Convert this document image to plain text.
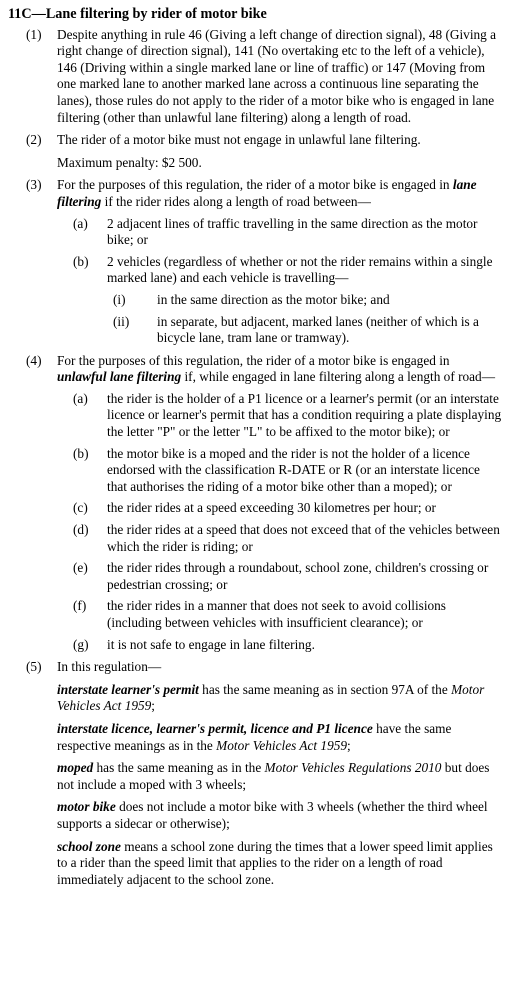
11C—Lane filtering by rider of motor bike
(1) Despite anything in rule 46 (Giving a left change of direction signal), 48 (Giving a right change of direction signal), 141 (No overtaking etc to the left of a vehicle), 146 (Driving within a single marked lane or line of traffic) or 147 (Moving from one marked lane to another marked lane across a continuous line separating the lanes), those rules do not apply to the rider of a motor bike who is engaged in lane filtering (other than unlawful lane filtering) along a length of road.
(2) The rider of a motor bike must not engage in unlawful lane filtering.
Maximum penalty: $2 500.
(3) For the purposes of this regulation, the rider of a motor bike is engaged in lane filtering if the rider rides along a length of road between—
(a) 2 adjacent lines of traffic travelling in the same direction as the motor bike; or
(b) 2 vehicles (regardless of whether or not the rider remains within a single marked lane) and each vehicle is travelling—
(i) in the same direction as the motor bike; and
(ii) in separate, but adjacent, marked lanes (neither of which is a bicycle lane, tram lane or tramway).
(4) For the purposes of this regulation, the rider of a motor bike is engaged in unlawful lane filtering if, while engaged in lane filtering along a length of road—
(a) the rider is the holder of a P1 licence or a learner's permit (or an interstate licence or learner's permit that has a condition requiring a plate displaying the letter "P" or the letter "L" to be affixed to the motor bike); or
(b) the motor bike is a moped and the rider is not the holder of a licence endorsed with the classification R-DATE or R (or an interstate licence that authorises the riding of a motor bike other than a moped); or
(c) the rider rides at a speed exceeding 30 kilometres per hour; or
(d) the rider rides at a speed that does not exceed that of the vehicles between which the rider is riding; or
(e) the rider rides through a roundabout, school zone, children's crossing or pedestrian crossing; or
(f) the rider rides in a manner that does not seek to avoid collisions (including between vehicles with insufficient clearance); or
(g) it is not safe to engage in lane filtering.
(5) In this regulation—
interstate learner's permit has the same meaning as in section 97A of the Motor Vehicles Act 1959;
interstate licence, learner's permit, licence and P1 licence have the same respective meanings as in the Motor Vehicles Act 1959;
moped has the same meaning as in the Motor Vehicles Regulations 2010 but does not include a moped with 3 wheels;
motor bike does not include a motor bike with 3 wheels (whether the third wheel supports a sidecar or otherwise);
school zone means a school zone during the times that a lower speed limit applies to a rider than the speed limit that applies to the rider on a length of road immediately adjacent to the school zone.
